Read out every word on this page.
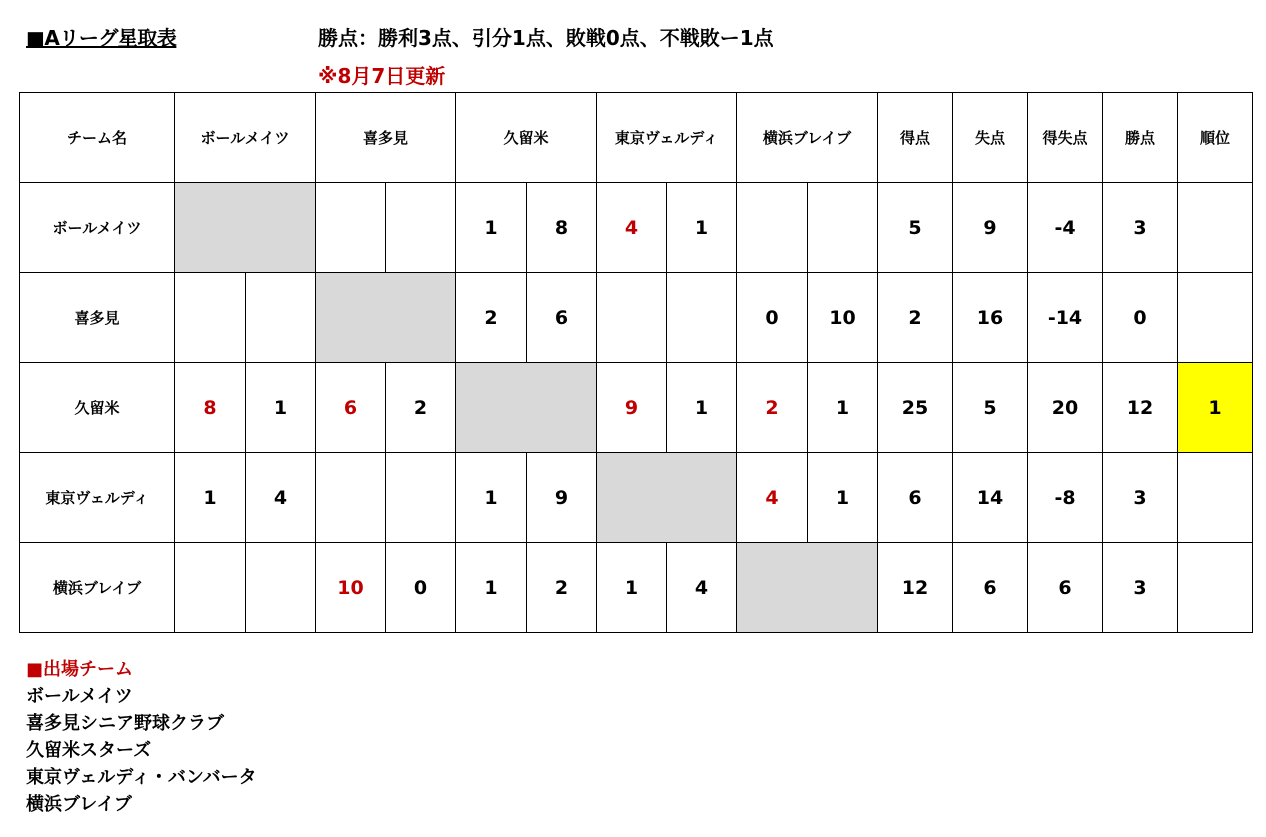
■Aリーグ星取表	勝点：勝利3点、引分1点、敗戦0点、不戦敗ー1点
※8月7日更新
チーム名	ボールメイツ		喜多見		久留米		東京ヴェルディ		横浜ブレイブ		得点	失点	得失点	勝点	順位
ボールメイツ					1	8	4	1			5	9	-4	3	
喜多見					2	6			0	10	2	16	-14	0	
久留米	8	1	6	2			9	1	2	1	25	5	20	12	1
東京ヴェルディ	1	4			1	9			4	1	6	14	-8	3	
横浜ブレイブ			10	0	1	2	1	4			12	6	6	3	
■出場チーム
ボールメイツ
喜多見シニア野球クラブ
久留米スターズ
東京ヴェルディ・バンバータ
横浜ブレイブ
